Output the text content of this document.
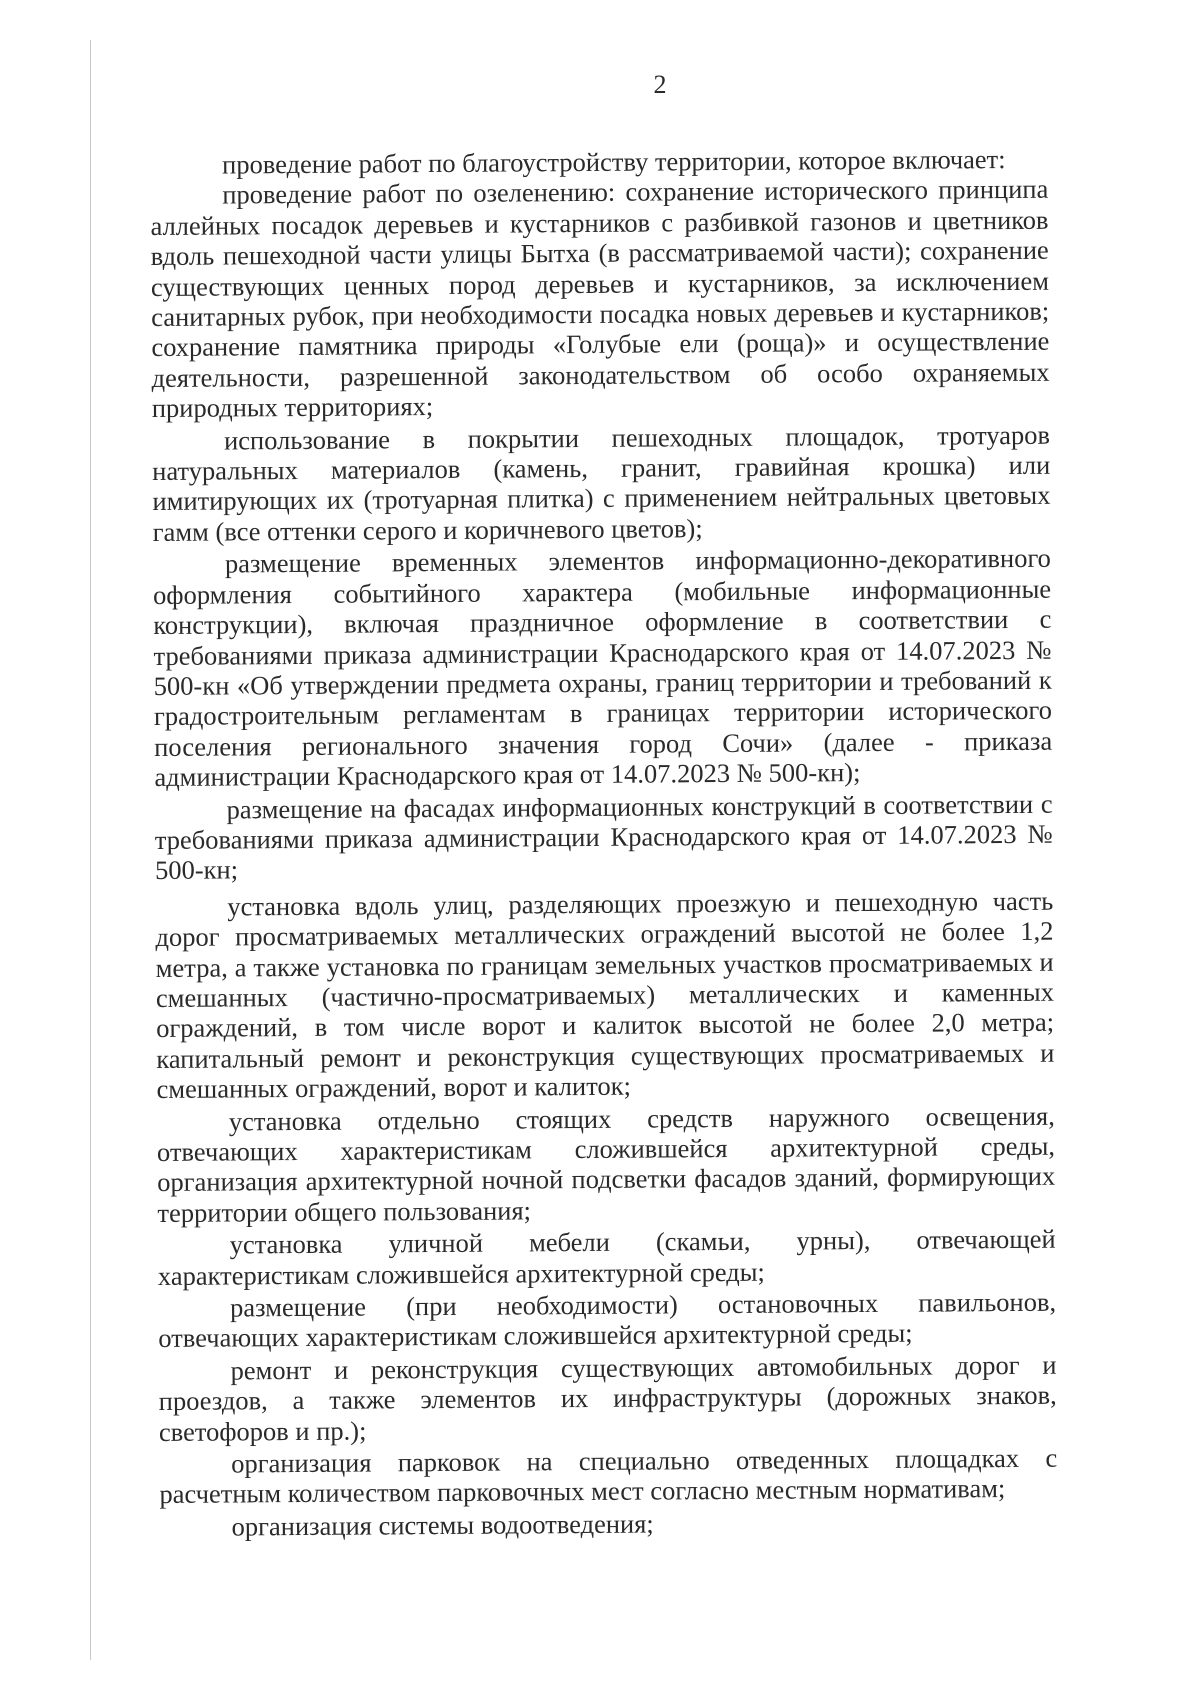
2

проведение работ по благоустройству территории, которое включает:

проведение работ по озеленению: сохранение исторического принципа аллейных посадок деревьев и кустарников с разбивкой газонов и цветников вдоль пешеходной части улицы Бытха (в рассматриваемой части); сохранение существующих ценных пород деревьев и кустарников, за исключением санитарных рубок, при необходимости посадка новых деревьев и кустарников; сохранение памятника природы «Голубые ели (роща)» и осуществление деятельности, разрешенной законодательством об особо охраняемых природных территориях;

использование в покрытии пешеходных площадок, тротуаров натуральных материалов (камень, гранит, гравийная крошка) или имитирующих их (тротуарная плитка) с применением нейтральных цветовых гамм (все оттенки серого и коричневого цветов);

размещение временных элементов информационно-декоративного оформления событийного характера (мобильные информационные конструкции), включая праздничное оформление в соответствии с требованиями приказа администрации Краснодарского края от 14.07.2023 № 500-кн «Об утверждении предмета охраны, границ территории и требований к градостроительным регламентам в границах территории исторического поселения регионального значения город Сочи» (далее - приказа администрации Краснодарского края от 14.07.2023 № 500-кн);

размещение на фасадах информационных конструкций в соответствии с требованиями приказа администрации Краснодарского края от 14.07.2023 № 500-кн;

установка вдоль улиц, разделяющих проезжую и пешеходную часть дорог просматриваемых металлических ограждений высотой не более 1,2 метра, а также установка по границам земельных участков просматриваемых и смешанных (частично-просматриваемых) металлических и каменных ограждений, в том числе ворот и калиток высотой не более 2,0 метра; капитальный ремонт и реконструкция существующих просматриваемых и смешанных ограждений, ворот и калиток;

установка отдельно стоящих средств наружного освещения, отвечающих характеристикам сложившейся архитектурной среды, организация архитектурной ночной подсветки фасадов зданий, формирующих территории общего пользования;

установка уличной мебели (скамьи, урны), отвечающей характеристикам сложившейся архитектурной среды;

размещение (при необходимости) остановочных павильонов, отвечающих характеристикам сложившейся архитектурной среды;

ремонт и реконструкция существующих автомобильных дорог и проездов, а также элементов их инфраструктуры (дорожных знаков, светофоров и пр.);

организация парковок на специально отведенных площадках с расчетным количеством парковочных мест согласно местным нормативам;

организация системы водоотведения;
